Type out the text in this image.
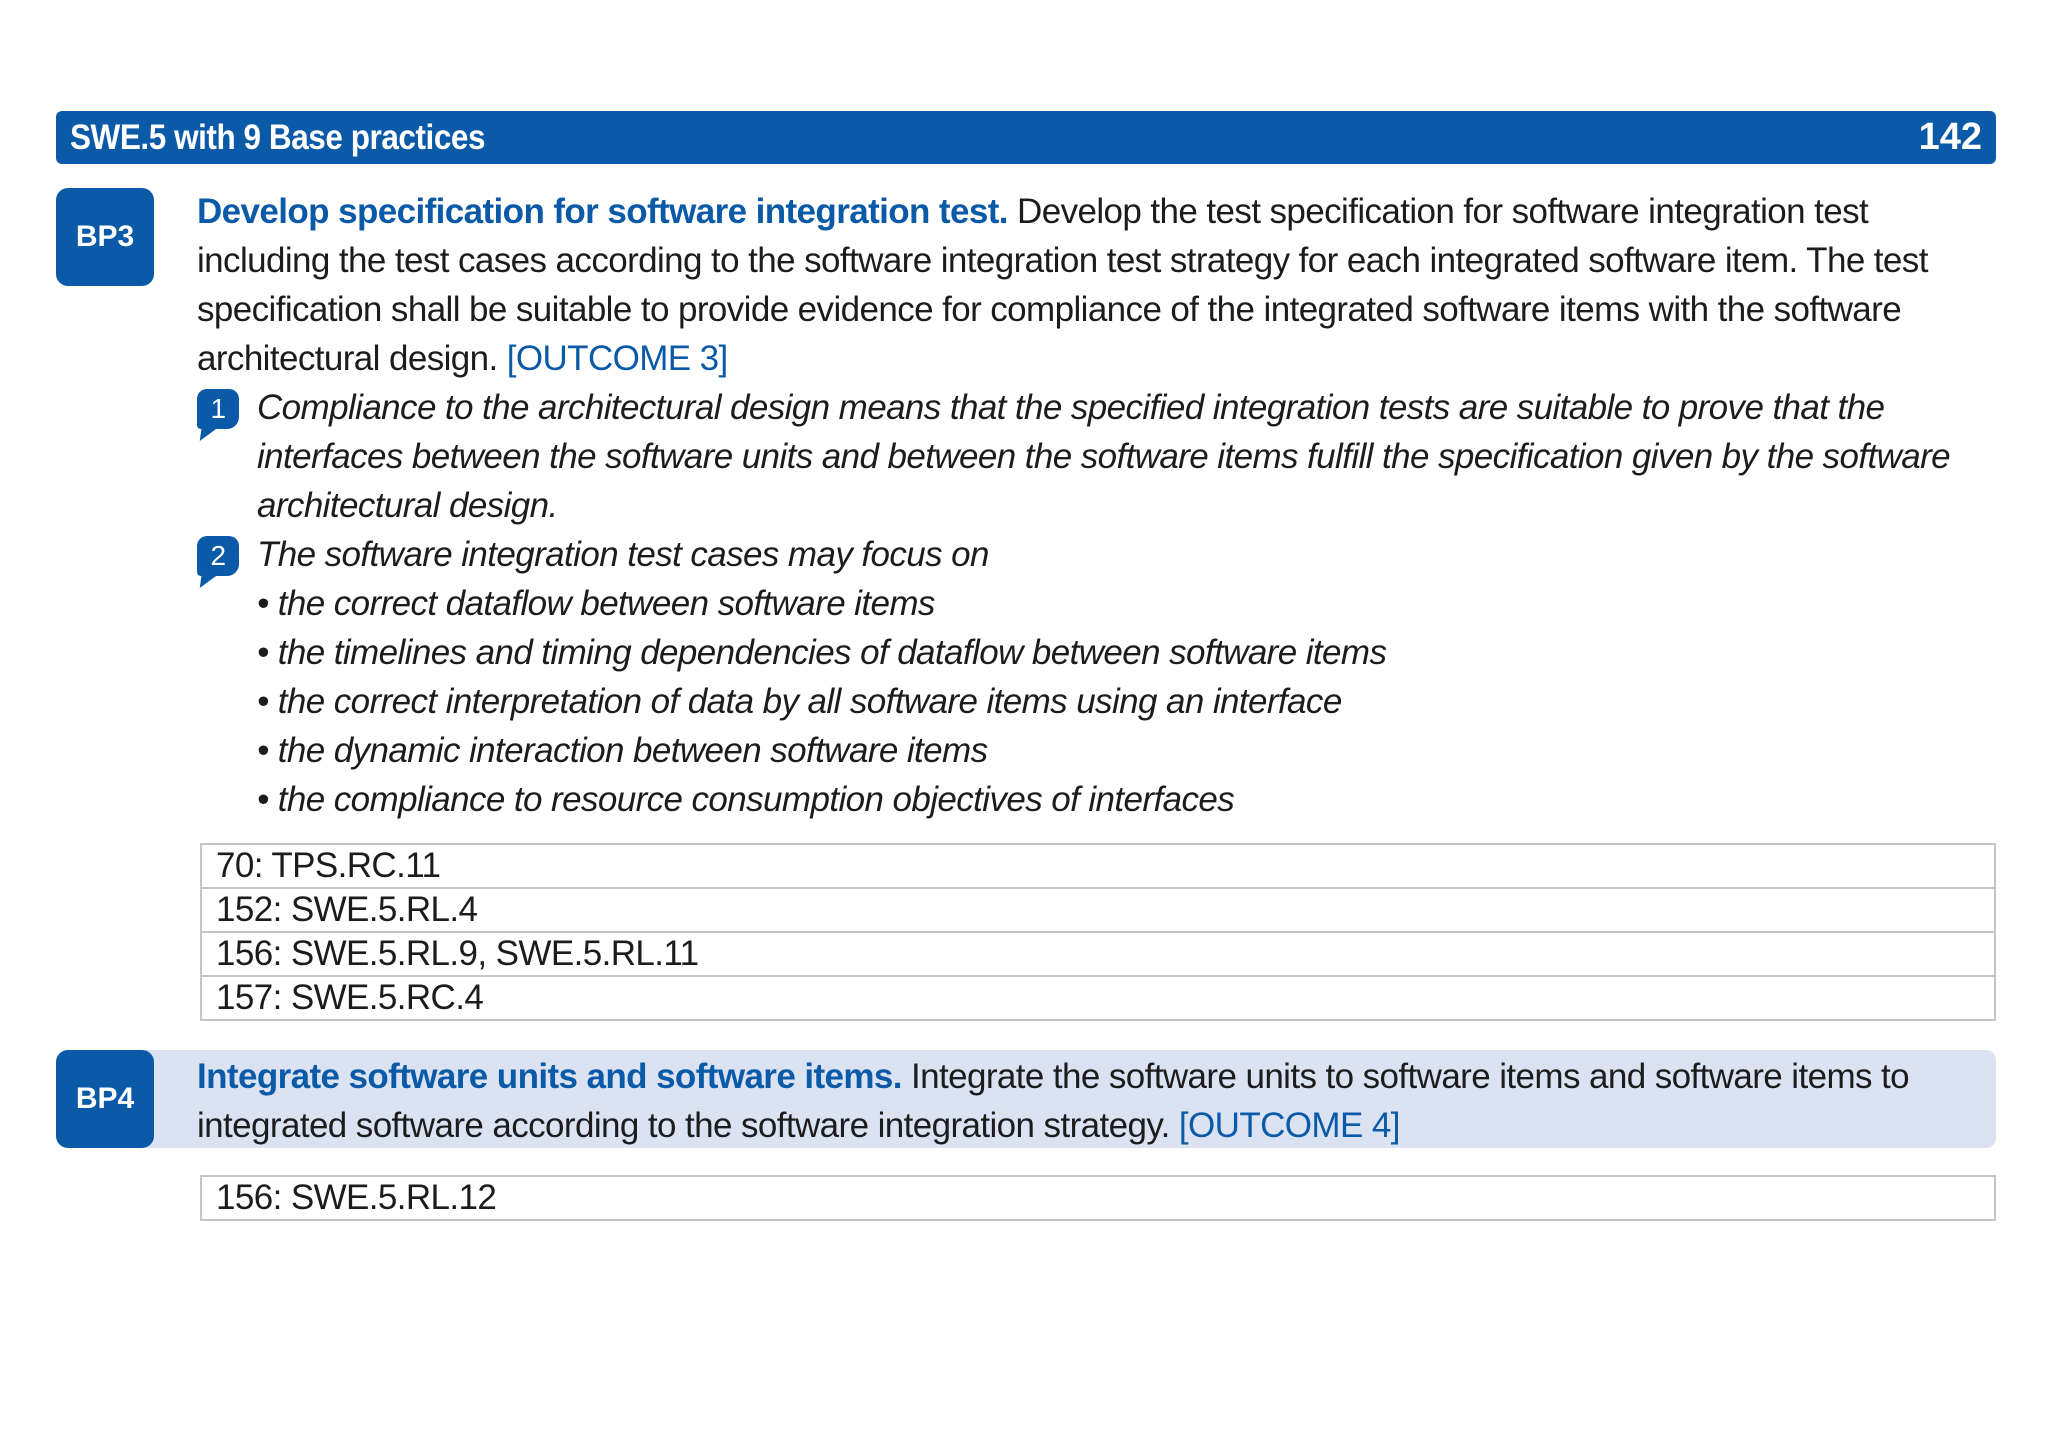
SWE.5 with 9 Base practices	142
BP3
Develop specification for software integration test. Develop the test specification for software integration test including the test cases according to the software integration test strategy for each integrated software item. The test specification shall be suitable to provide evidence for compliance of the integrated software items with the software architectural design. [OUTCOME 3]
1 Compliance to the architectural design means that the specified integration tests are suitable to prove that the interfaces between the software units and between the software items fulfill the specification given by the software architectural design.
2 The software integration test cases may focus on
• the correct dataflow between software items
• the timelines and timing dependencies of dataflow between software items
• the correct interpretation of data by all software items using an interface
• the dynamic interaction between software items
• the compliance to resource consumption objectives of interfaces
70: TPS.RC.11
152: SWE.5.RL.4
156: SWE.5.RL.9, SWE.5.RL.11
157: SWE.5.RC.4
BP4
Integrate software units and software items. Integrate the software units to software items and software items to integrated software according to the software integration strategy. [OUTCOME 4]
156: SWE.5.RL.12
